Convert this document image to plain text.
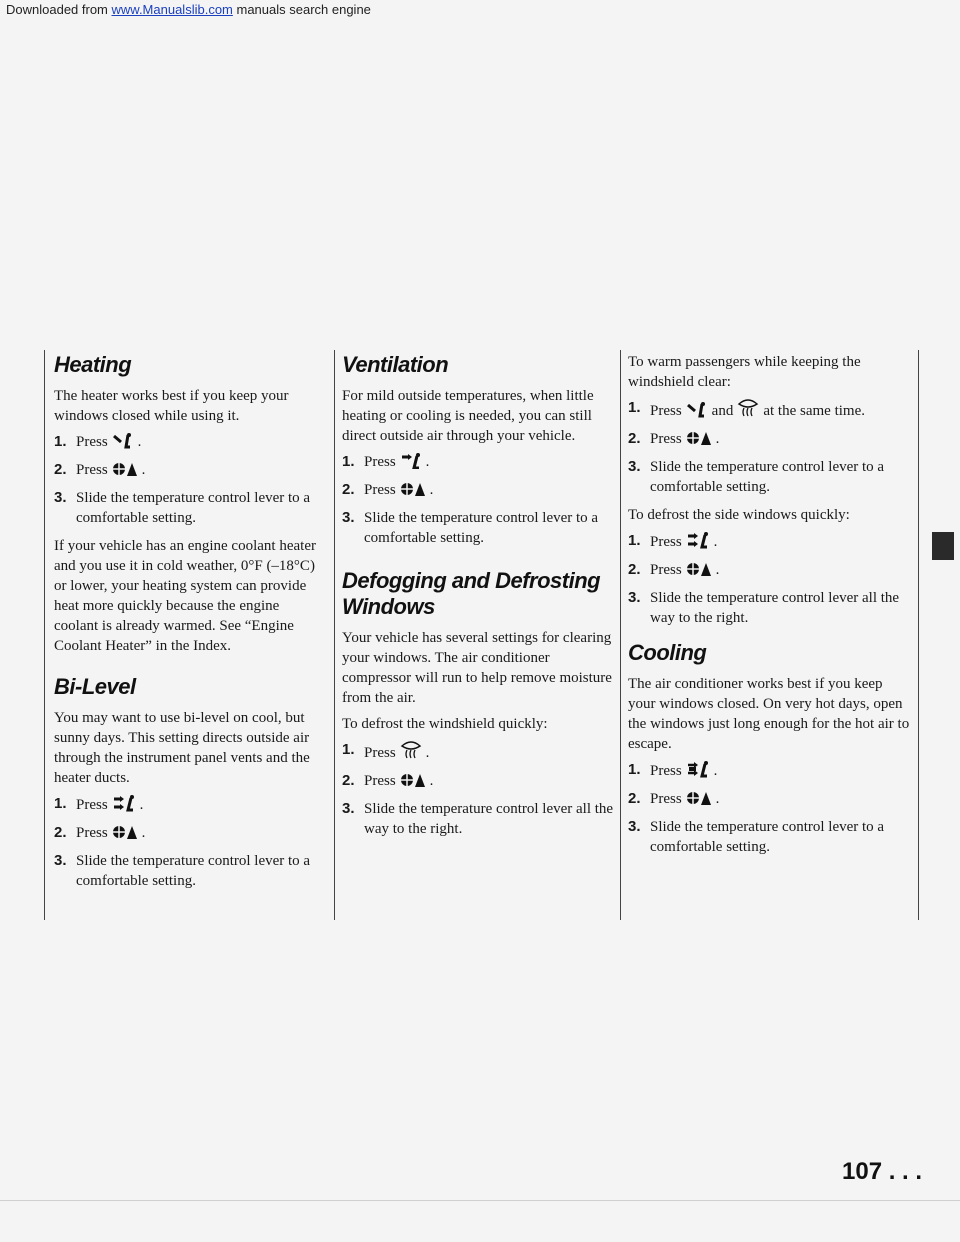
Downloaded from www.Manualslib.com manuals search engine
Heating

The heater works best if you keep your windows closed while using it.

1. Press .
2. Press .
3. Slide the temperature control lever to a comfortable setting.

If your vehicle has an engine coolant heater and you use it in cold weather, 0°F (–18°C) or lower, your heating system can provide heat more quickly because the engine coolant is already warmed. See “Engine Coolant Heater” in the Index.

Bi-Level

You may want to use bi-level on cool, but sunny days. This setting directs outside air through the instrument panel vents and the heater ducts.

1. Press .
2. Press .
3. Slide the temperature control lever to a comfortable setting.
Ventilation

For mild outside temperatures, when little heating or cooling is needed, you can still direct outside air through your vehicle.

1. Press .
2. Press .
3. Slide the temperature control lever to a comfortable setting.
Defogging and Defrosting
Windows

Your vehicle has several settings for clearing your windows. The air conditioner compressor will run to help remove moisture from the air.

To defrost the windshield quickly:

1. Press .
2. Press .
3. Slide the temperature control lever all the way to the right.

To warm passengers while keeping the windshield clear:

1. Press and at the same time.
2. Press .
3. Slide the temperature control lever to a comfortable setting.

To defrost the side windows quickly:

1. Press .
2. Press .
3. Slide the temperature control lever all the way to the right.
Cooling

The air conditioner works best if you keep your windows closed. On very hot days, open the windows just long enough for the hot air to escape.

1. Press .
2. Press .
3. Slide the temperature control lever to a comfortable setting.
107 . . .
